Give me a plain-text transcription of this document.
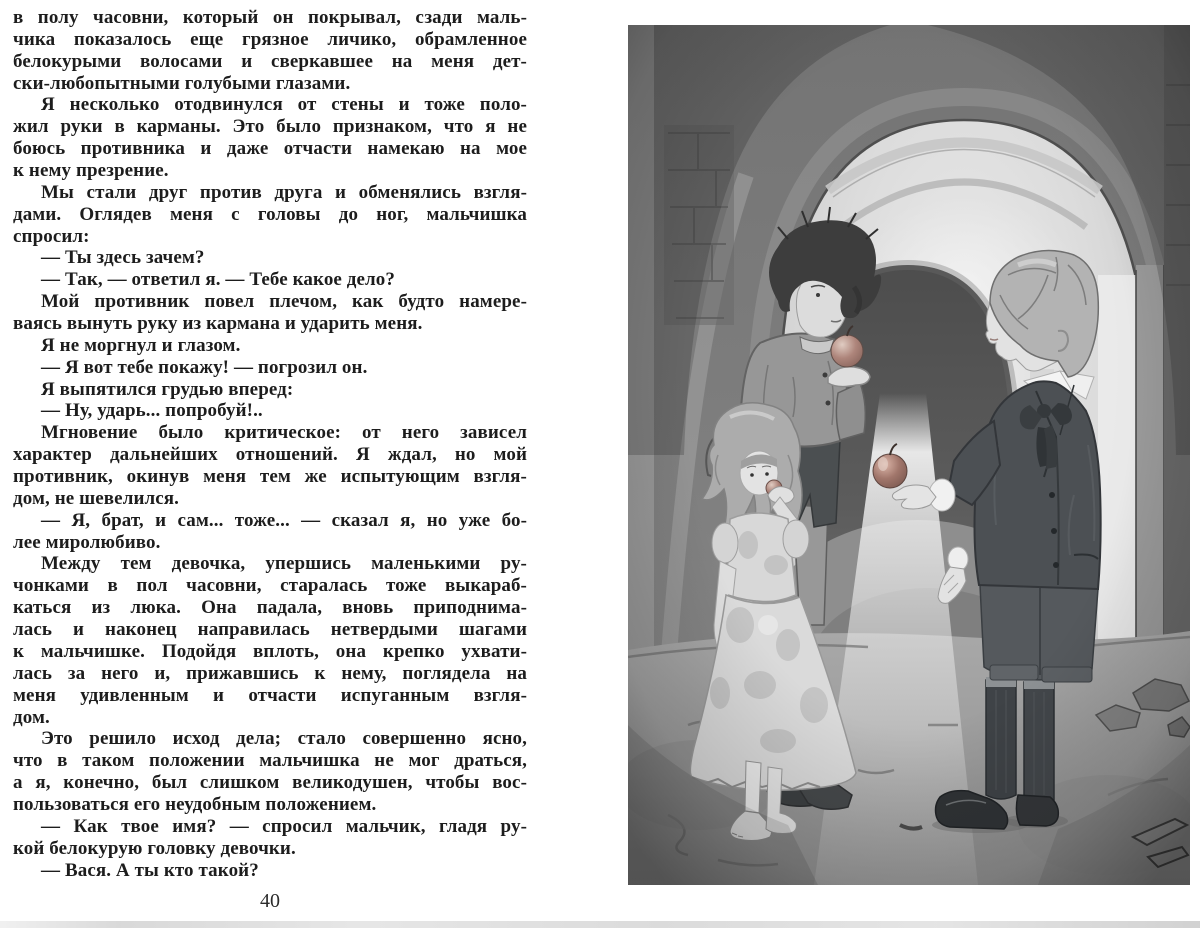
в полу часовни, который он покрывал, сзади маль-
чика показалось еще грязное личико, обрамленное
белокурыми волосами и сверкавшее на меня дет-
ски-любопытными голубыми глазами.
Я несколько отодвинулся от стены и тоже поло-
жил руки в карманы. Это было признаком, что я не
боюсь противника и даже отчасти намекаю на мое
к нему презрение.
Мы стали друг против друга и обменялись взгля-
дами. Оглядев меня с головы до ног, мальчишка
спросил:
— Ты здесь зачем?
— Так, — ответил я. — Тебе какое дело?
Мой противник повел плечом, как будто намере-
ваясь вынуть руку из кармана и ударить меня.
Я не моргнул и глазом.
— Я вот тебе покажу! — погрозил он.
Я выпятился грудью вперед:
— Ну, ударь... попробуй!..
Мгновение было критическое: от него зависел
характер дальнейших отношений. Я ждал, но мой
противник, окинув меня тем же испытующим взгля-
дом, не шевелился.
— Я, брат, и сам... тоже... — сказал я, но уже бо-
лее миролюбиво.
Между тем девочка, упершись маленькими ру-
чонками в пол часовни, старалась тоже выкараб-
каться из люка. Она падала, вновь приподнима-
лась и наконец направилась нетвердыми шагами
к мальчишке. Подойдя вплоть, она крепко ухвати-
лась за него и, прижавшись к нему, поглядела на
меня удивленным и отчасти испуганным взгля-
дом.
Это решило исход дела; стало совершенно ясно,
что в таком положении мальчишка не мог драться,
а я, конечно, был слишком великодушен, чтобы вос-
пользоваться его неудобным положением.
— Как твое имя? — спросил мальчик, гладя ру-
кой белокурую головку девочки.
— Вася. А ты кто такой?
40
